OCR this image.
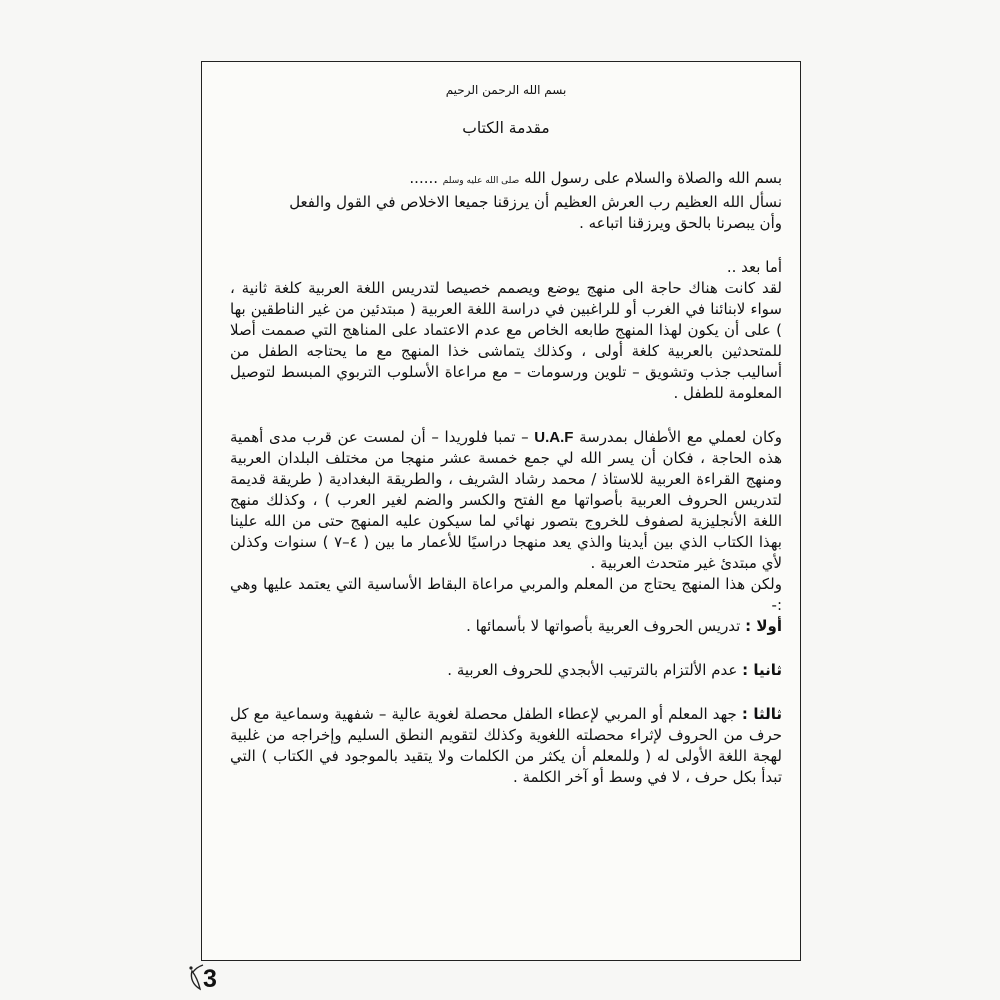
بسم الله الرحمن الرحيم

مقدمة الكتاب

بسم الله والصلاة والسلام على رسول الله صلى الله عليه وسلم ......

نسأل الله العظيم رب العرش العظيم أن يرزقنا جميعا الاخلاص في القول والفعل

وأن يبصرنا بالحق ويرزقنا اتباعه .

أما بعد ..

لقد كانت هناك حاجة الى منهج يوضع ويصمم خصيصا لتدريس اللغة العربية كلغة ثانية ، سواء لابنائنا في الغرب أو للراغبين في دراسة اللغة العربية ( مبتدئين من غير الناطقين بها ) على أن يكون لهذا المنهج طابعه الخاص مع عدم الاعتماد على المناهج التي صممت أصلا للمتحدثين بالعربية كلغة أولى ، وكذلك يتماشى خذا المنهج مع ما يحتاجه الطفل من أساليب جذب وتشويق – تلوين ورسومات – مع مراعاة الأسلوب التربوي المبسط لتوصيل المعلومة للطفل .

وكان لعملي مع الأطفال بمدرسة U.A.F – تمبا فلوريدا – أن لمست عن قرب مدى أهمية هذه الحاجة ، فكان أن يسر الله لي جمع خمسة عشر منهجا من مختلف البلدان العربية ومنهج القراءة العربية للاستاذ / محمد رشاد الشريف ، والطريقة البغدادية ( طريقة قديمة لتدريس الحروف العربية بأصواتها مع الفتح والكسر والضم لغير العرب ) ، وكذلك منهج اللغة الأنجليزية لصفوف للخروج بتصور نهائي لما سيكون عليه المنهج حتى من الله علينا بهذا الكتاب الذي بين أيدينا والذي يعد منهجا دراسيًا للأعمار ما بين ( ٤–٧ ) سنوات وكذلن لأي مبتدئ غير متحدث العربية .

ولكن هذا المنهج يحتاج من المعلم والمربي مراعاة البقاط الأساسية التي يعتمد عليها وهي :-

أولا : تدريس الحروف العربية بأصواتها لا بأسمائها .

ثانيا : عدم الألتزام بالترتيب الأبجدي للحروف العربية .

ثالثا : جهد المعلم أو المربي لإعطاء الطفل محصلة لغوية عالية – شفهية وسماعية مع كل حرف من الحروف لإثراء محصلته اللغوية وكذلك لتقويم النطق السليم وإخراجه من غلبية لهجة اللغة الأولى له ( وللمعلم أن يكثر من الكلمات ولا يتقيد بالموجود في الكتاب ) التي تبدأ بكل حرف ، لا في وسط أو آخر الكلمة .

3
